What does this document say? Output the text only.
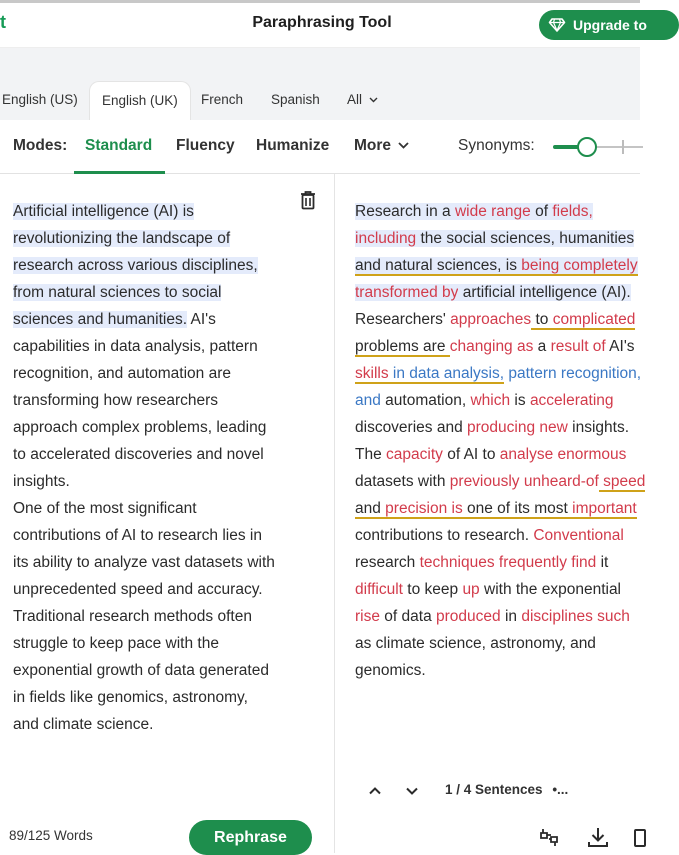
t	Paraphrasing Tool	Upgrade to
English (US)	English (UK)	French Spanish All
Modes: Standard Fluency Humanize More	Synonyms:
Artificial intelligence (AI) is
revolutionizing the landscape of
research across various disciplines,
from natural sciences to social
sciences and humanities. AI's
capabilities in data analysis, pattern
recognition, and automation are
transforming how researchers
approach complex problems, leading
to accelerated discoveries and novel
insights.
One of the most significant
contributions of AI to research lies in
its ability to analyze vast datasets with
unprecedented speed and accuracy.
Traditional research methods often
struggle to keep pace with the
exponential growth of data generated
in fields like genomics, astronomy,
and climate science.
89/125 Words	Rephrase
Research in a wide range of fields,
including the social sciences, humanities
and natural sciences, is being completely
transformed by artificial intelligence (AI).
Researchers' approaches to complicated
problems are changing as a result of AI's
skills in data analysis, pattern recognition,
and automation, which is accelerating
discoveries and producing new insights.
The capacity of AI to analyse enormous
datasets with previously unheard-of speed
and precision is one of its most important
contributions to research. Conventional
research techniques frequently find it
difficult to keep up with the exponential
rise of data produced in disciplines such
as climate science, astronomy, and
genomics.
1 / 4 Sentences •...
